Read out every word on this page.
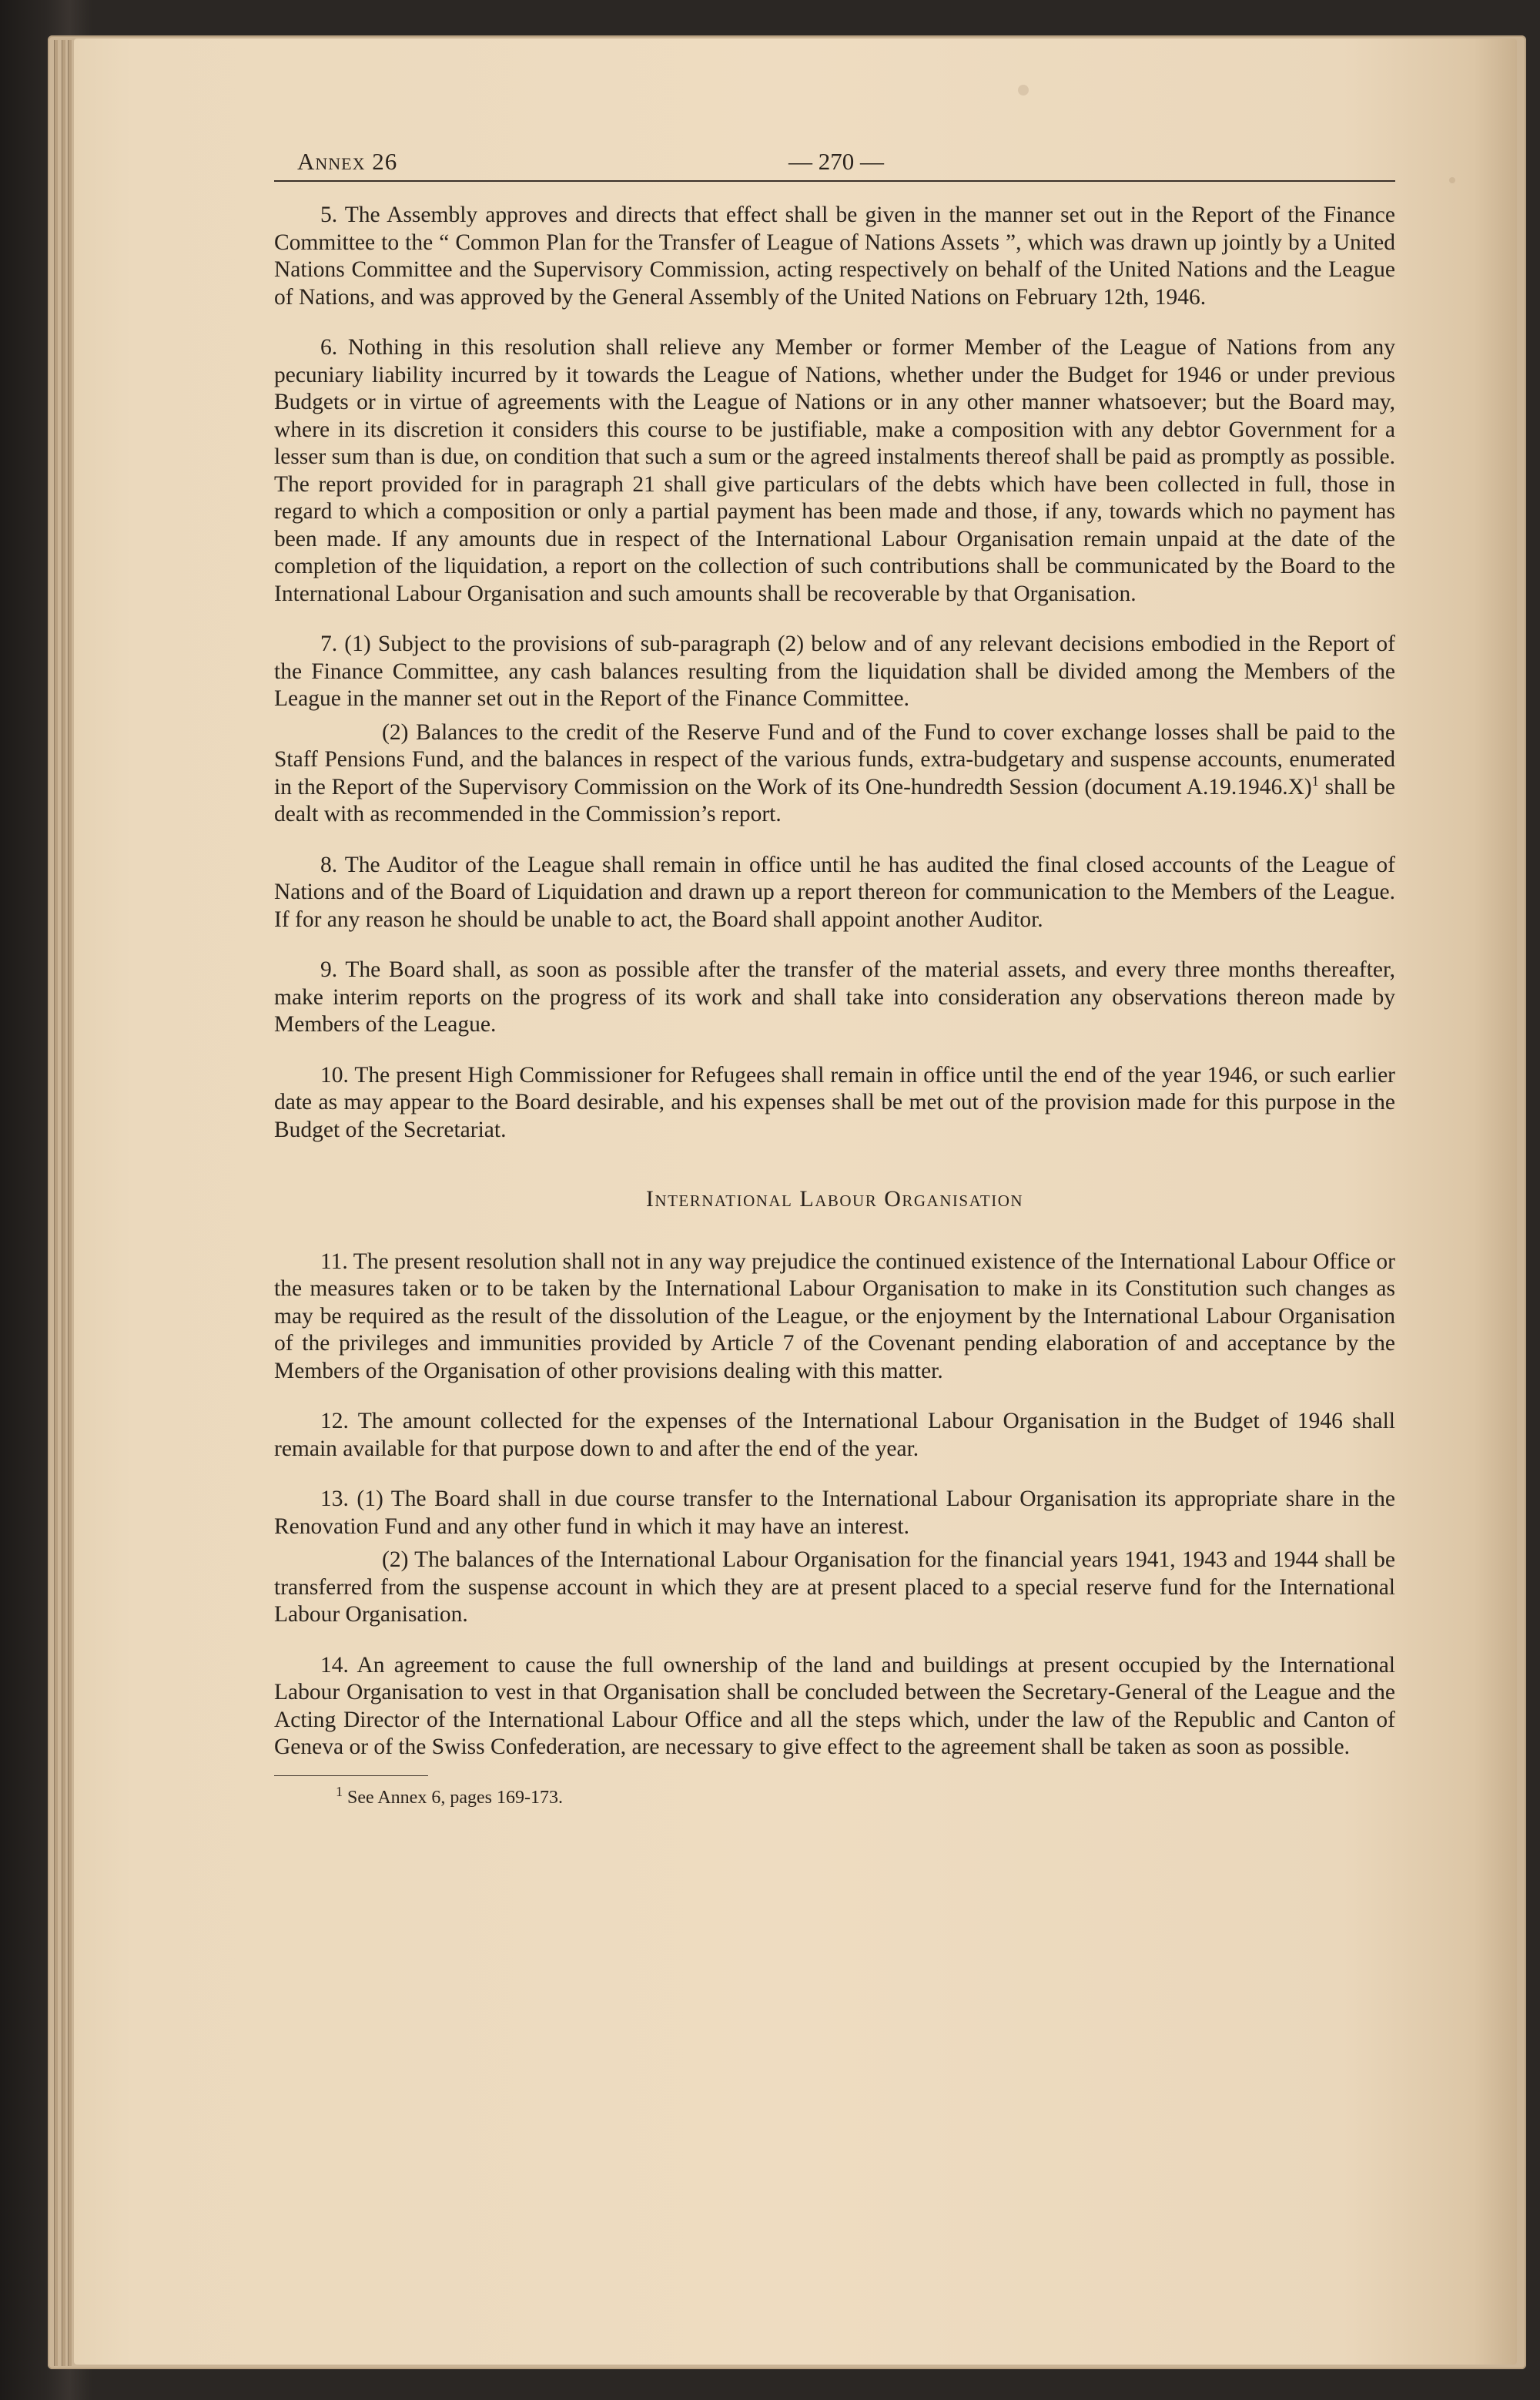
Annex 26	— 270 —

5. The Assembly approves and directs that effect shall be given in the manner set out in the Report of the Finance Committee to the “ Common Plan for the Transfer of League of Nations Assets ”, which was drawn up jointly by a United Nations Committee and the Supervisory Commission, acting respectively on behalf of the United Nations and the League of Nations, and was approved by the General Assembly of the United Nations on February 12th, 1946.

6. Nothing in this resolution shall relieve any Member or former Member of the League of Nations from any pecuniary liability incurred by it towards the League of Nations, whether under the Budget for 1946 or under previous Budgets or in virtue of agreements with the League of Nations or in any other manner whatsoever; but the Board may, where in its discretion it considers this course to be justifiable, make a composition with any debtor Government for a lesser sum than is due, on condition that such a sum or the agreed instalments thereof shall be paid as promptly as possible. The report provided for in paragraph 21 shall give particulars of the debts which have been collected in full, those in regard to which a composition or only a partial payment has been made and those, if any, towards which no payment has been made. If any amounts due in respect of the International Labour Organisation remain unpaid at the date of the completion of the liquidation, a report on the collection of such contributions shall be communicated by the Board to the International Labour Organisation and such amounts shall be recoverable by that Organisation.

7. (1) Subject to the provisions of sub-paragraph (2) below and of any relevant decisions embodied in the Report of the Finance Committee, any cash balances resulting from the liquidation shall be divided among the Members of the League in the manner set out in the Report of the Finance Committee.

(2) Balances to the credit of the Reserve Fund and of the Fund to cover exchange losses shall be paid to the Staff Pensions Fund, and the balances in respect of the various funds, extra-budgetary and suspense accounts, enumerated in the Report of the Supervisory Commission on the Work of its One-hundredth Session (document A.19.1946.X)$^1$ shall be dealt with as recommended in the Commission’s report.

8. The Auditor of the League shall remain in office until he has audited the final closed accounts of the League of Nations and of the Board of Liquidation and drawn up a report thereon for communication to the Members of the League. If for any reason he should be unable to act, the Board shall appoint another Auditor.

9. The Board shall, as soon as possible after the transfer of the material assets, and every three months thereafter, make interim reports on the progress of its work and shall take into consideration any observations thereon made by Members of the League.

10. The present High Commissioner for Refugees shall remain in office until the end of the year 1946, or such earlier date as may appear to the Board desirable, and his expenses shall be met out of the provision made for this purpose in the Budget of the Secretariat.

International Labour Organisation

11. The present resolution shall not in any way prejudice the continued existence of the International Labour Office or the measures taken or to be taken by the International Labour Organisation to make in its Constitution such changes as may be required as the result of the dissolution of the League, or the enjoyment by the International Labour Organisation of the privileges and immunities provided by Article 7 of the Covenant pending elaboration of and acceptance by the Members of the Organisation of other provisions dealing with this matter.

12. The amount collected for the expenses of the International Labour Organisation in the Budget of 1946 shall remain available for that purpose down to and after the end of the year.

13. (1) The Board shall in due course transfer to the International Labour Organisation its appropriate share in the Renovation Fund and any other fund in which it may have an interest.

(2) The balances of the International Labour Organisation for the financial years 1941, 1943 and 1944 shall be transferred from the suspense account in which they are at present placed to a special reserve fund for the International Labour Organisation.

14. An agreement to cause the full ownership of the land and buildings at present occupied by the International Labour Organisation to vest in that Organisation shall be concluded between the Secretary-General of the League and the Acting Director of the International Labour Office and all the steps which, under the law of the Republic and Canton of Geneva or of the Swiss Confederation, are necessary to give effect to the agreement shall be taken as soon as possible.

$^1$ See Annex 6, pages 169-173.
